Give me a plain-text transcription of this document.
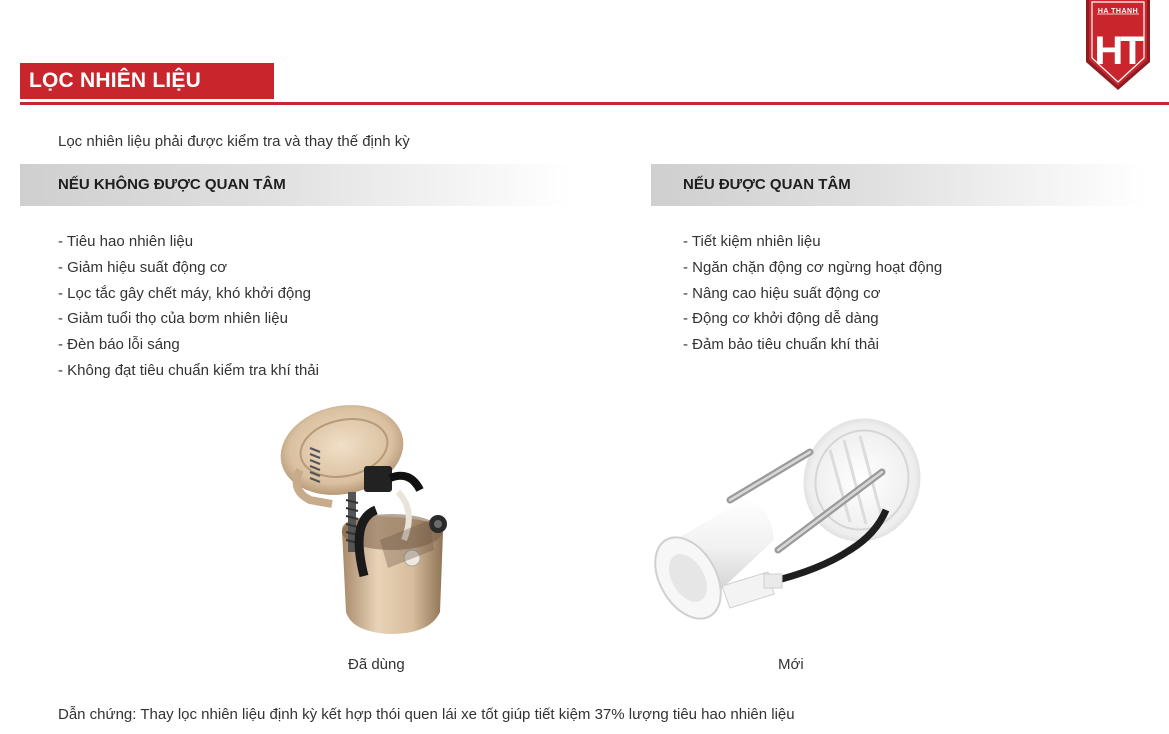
LỌC NHIÊN LIỆU
HT
HA THANH
Lọc nhiên liệu phải được kiểm tra và thay thế định kỳ
NẾU KHÔNG ĐƯỢC QUAN TÂM	NẾU ĐƯỢC QUAN TÂM
- Tiêu hao nhiên liệu
- Giảm hiệu suất động cơ
- Lọc tắc gây chết máy, khó khởi động
- Giảm tuổi thọ của bơm nhiên liệu
- Đèn báo lỗi sáng
- Không đạt tiêu chuẩn kiểm tra khí thải
- Tiết kiệm nhiên liệu
- Ngăn chặn động cơ ngừng hoạt động
- Nâng cao hiệu suất động cơ
- Động cơ khởi động dễ dàng
- Đảm bảo tiêu chuẩn khí thải
Đã dùng	Mới
Dẫn chứng: Thay lọc nhiên liệu định kỳ kết hợp thói quen lái xe tốt giúp tiết kiệm 37% lượng tiêu hao nhiên liệu
